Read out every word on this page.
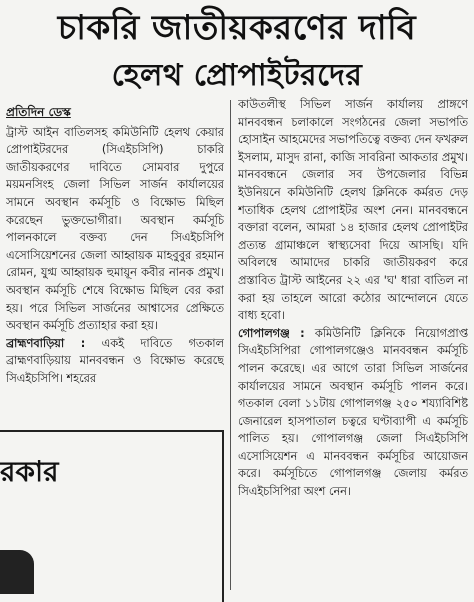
চাকরি জাতীয়করণের দাবি
হেলথ প্রোপাইটরদের

প্রতিদিন ডেস্ক

ট্রাস্ট আইন বাতিলসহ কমিউনিটি হেলথ কেয়ার প্রোপাইটরদের (সিএইচসিপি) চাকরি জাতীয়করণের দাবিতে সোমবার দুপুরে ময়মনসিংহ জেলা সিভিল সার্জন কার্যালয়ের সামনে অবস্থান কর্মসূচি ও বিক্ষোভ মিছিল করেছেন ভুক্তভোগীরা। অবস্থান কর্মসূচি পালনকালে বক্তব্য দেন সিএইচসিপি এসোসিয়েশনের জেলা আহ্বায়ক মাহবুবুর রহমান রোমন, যুগ্ম আহ্বায়ক হুমায়ূন কবীর নানক প্রমুখ। অবস্থান কর্মসূচি শেষে বিক্ষোভ মিছিল বের করা হয়। পরে সিভিল সার্জনের আশ্বাসের প্রেক্ষিতে অবস্থান কর্মসূচি প্রত্যাহার করা হয়।

ব্রাহ্মণবাড়িয়া : একই দাবিতে গতকাল ব্রাহ্মণবাড়িয়ায় মানববন্ধন ও বিক্ষোভ করেছে সিএইচসিপি। শহরের

কাউতলীস্থ সিভিল সার্জন কার্যালয় প্রাঙ্গণে মানববন্ধন চলাকালে সংগঠনের জেলা সভাপতি হোসাইন আহমেদের সভাপতিত্বে বক্তব্য দেন ফখরুল ইসলাম, মাসুদ রানা, কাজি সাবরিনা আকতার প্রমুখ। মানববন্ধনে জেলার সব উপজেলার বিভিন্ন ইউনিয়নে কমিউনিটি হেলথ ক্লিনিকে কর্মরত দেড় শতাধিক হেলথ প্রোপাইটর অংশ নেন। মানববন্ধনে বক্তারা বলেন, আমরা ১৪ হাজার হেলথ প্রোপাইটর প্রত্যন্ত গ্রামাঞ্চলে স্বাস্থ্যসেবা দিয়ে আসছি। যদি অবিলম্বে আমাদের চাকরি জাতীয়করণ করে প্রস্তাবিত ট্রাস্ট আইনের ২২ এর 'ঘ' ধারা বাতিল না করা হয় তাহলে আরো কঠোর আন্দোলনে যেতে বাধ্য হবো।

গোপালগঞ্জ : কমিউনিটি ক্লিনিকে নিয়োগপ্রাপ্ত সিএইচসিপিরা গোপালগঞ্জেও মানববন্ধন কর্মসূচি পালন করেছে। এর আগে তারা সিভিল সার্জনের কার্যালয়ের সামনে অবস্থান কর্মসূচি পালন করে। গতকাল বেলা ১১টায় গোপালগঞ্জ ২৫০ শয্যাবিশিষ্ট জেনারেল হাসপাতাল চত্বরে ঘণ্টাব্যাপী এ কর্মসূচি পালিত হয়। গোপালগঞ্জ জেলা সিএইচসিপি এসোসিয়েশন এ মানববন্ধন কর্মসূচির আয়োজন করে। কর্মসূচিতে গোপালগঞ্জ জেলায় কর্মরত সিএইচসিপিরা অংশ নেন।

রকার
